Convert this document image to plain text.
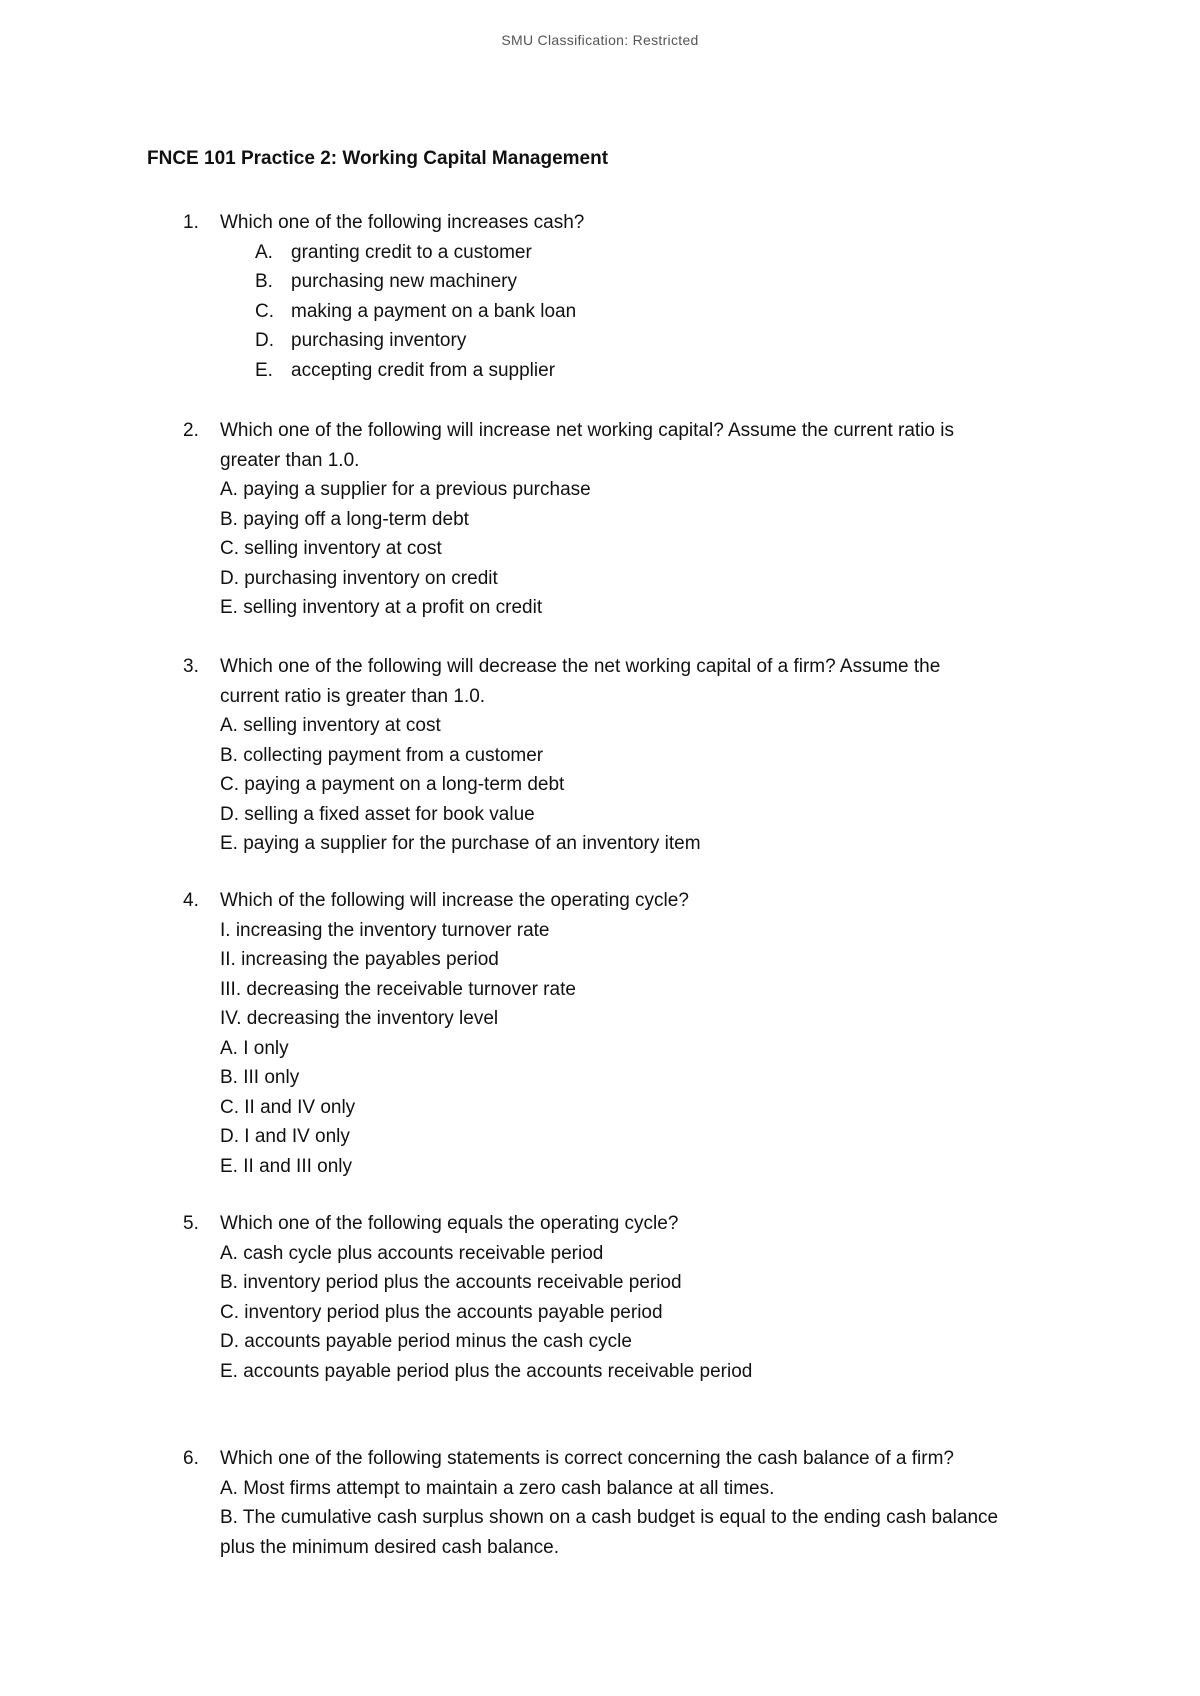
SMU Classification: Restricted
FNCE 101 Practice 2: Working Capital Management
1.	Which one of the following increases cash?
A. granting credit to a customer
B. purchasing new machinery
C. making a payment on a bank loan
D. purchasing inventory
E. accepting credit from a supplier
2.	Which one of the following will increase net working capital? Assume the current ratio is
greater than 1.0.
A. paying a supplier for a previous purchase
B. paying off a long-term debt
C. selling inventory at cost
D. purchasing inventory on credit
E. selling inventory at a profit on credit
3.	Which one of the following will decrease the net working capital of a firm? Assume the
current ratio is greater than 1.0.
A. selling inventory at cost
B. collecting payment from a customer
C. paying a payment on a long-term debt
D. selling a fixed asset for book value
E. paying a supplier for the purchase of an inventory item
4.	Which of the following will increase the operating cycle?
I. increasing the inventory turnover rate
II. increasing the payables period
III. decreasing the receivable turnover rate
IV. decreasing the inventory level
A. I only
B. III only
C. II and IV only
D. I and IV only
E. II and III only
5.	Which one of the following equals the operating cycle?
A. cash cycle plus accounts receivable period
B. inventory period plus the accounts receivable period
C. inventory period plus the accounts payable period
D. accounts payable period minus the cash cycle
E. accounts payable period plus the accounts receivable period
6.	Which one of the following statements is correct concerning the cash balance of a firm?
A. Most firms attempt to maintain a zero cash balance at all times.
B. The cumulative cash surplus shown on a cash budget is equal to the ending cash balance
plus the minimum desired cash balance.
